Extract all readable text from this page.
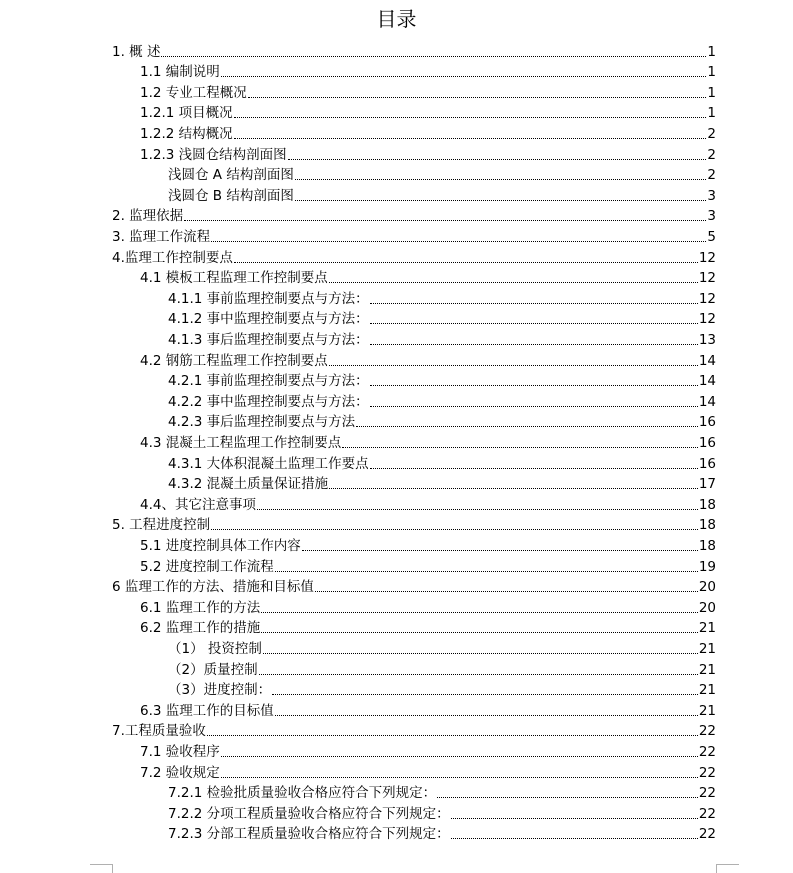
目录
1. 概 述	1
1.1 编制说明	1
1.2 专业工程概况	1
1.2.1 项目概况	1
1.2.2 结构概况	2
1.2.3 浅圆仓结构剖面图	2
浅圆仓 A 结构剖面图	2
浅圆仓 B 结构剖面图	3
2. 监理依据	3
3. 监理工作流程	5
4.监理工作控制要点	12
4.1 模板工程监理工作控制要点	12
4.1.1 事前监理控制要点与方法：	12
4.1.2 事中监理控制要点与方法：	12
4.1.3 事后监理控制要点与方法：	13
4.2 钢筋工程监理工作控制要点	14
4.2.1 事前监理控制要点与方法：	14
4.2.2 事中监理控制要点与方法：	14
4.2.3 事后监理控制要点与方法	16
4.3 混凝土工程监理工作控制要点	16
4.3.1 大体积混凝土监理工作要点	16
4.3.2 混凝土质量保证措施	17
4.4、其它注意事项	18
5. 工程进度控制	18
5.1 进度控制具体工作内容	18
5.2 进度控制工作流程	19
6 监理工作的方法、措施和目标值	20
6.1 监理工作的方法	20
6.2 监理工作的措施	21
（1） 投资控制	21
（2）质量控制	21
（3）进度控制：	21
6.3 监理工作的目标值	21
7.工程质量验收	22
7.1 验收程序	22
7.2 验收规定	22
7.2.1 检验批质量验收合格应符合下列规定：	22
7.2.2 分项工程质量验收合格应符合下列规定：	22
7.2.3 分部工程质量验收合格应符合下列规定：	22
